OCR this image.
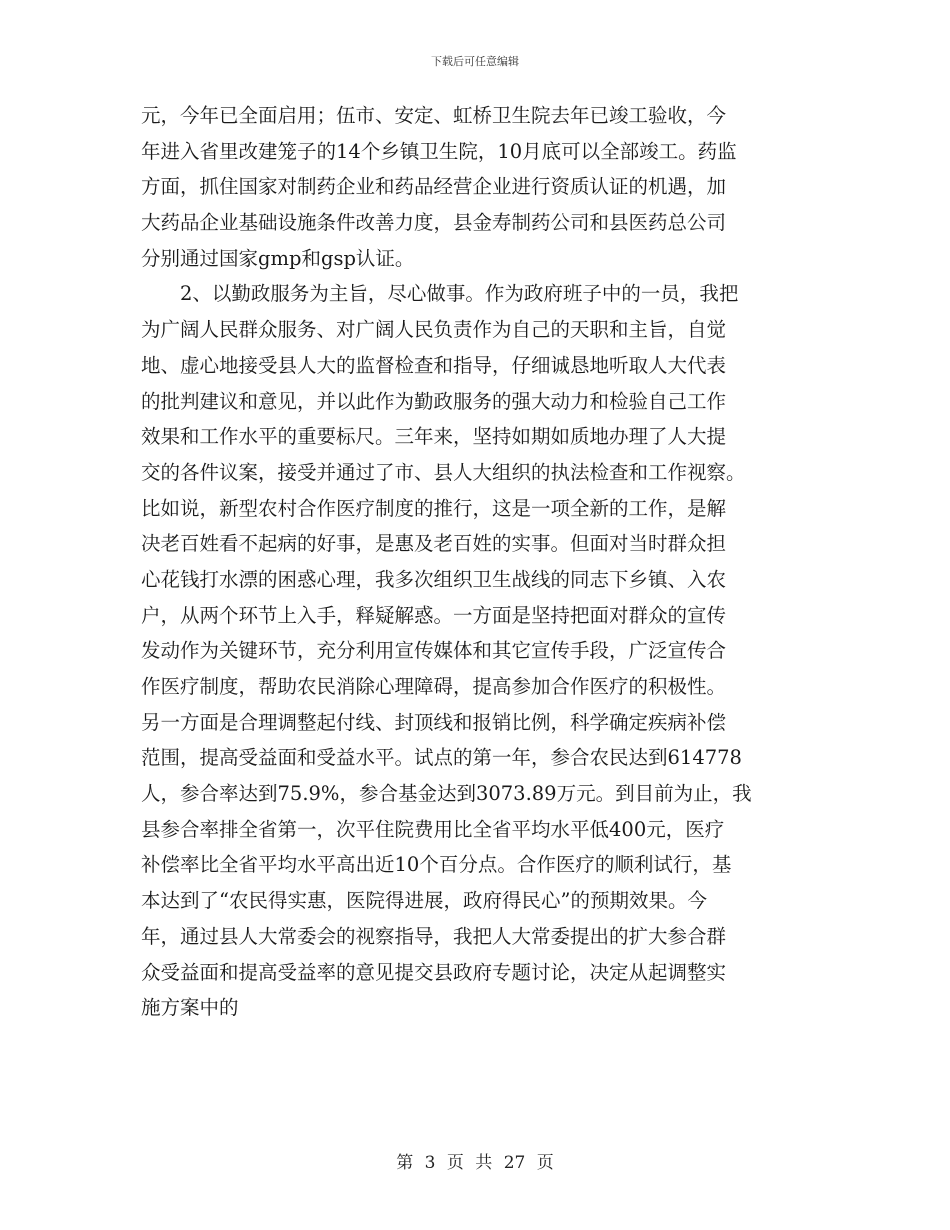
下载后可任意编辑
元，今年已全面启用；伍市、安定、虹桥卫生院去年已竣工验收，今
年进入省里改建笼子的14个乡镇卫生院，10月底可以全部竣工。药监
方面，抓住国家对制药企业和药品经营企业进行资质认证的机遇，加
大药品企业基础设施条件改善力度，县金寿制药公司和县医药总公司
分别通过国家gmp和gsp认证。
　　2、以勤政服务为主旨，尽心做事。作为政府班子中的一员，我把
为广阔人民群众服务、对广阔人民负责作为自己的天职和主旨，自觉
地、虚心地接受县人大的监督检查和指导，仔细诚恳地听取人大代表
的批判建议和意见，并以此作为勤政服务的强大动力和检验自己工作
效果和工作水平的重要标尺。三年来，坚持如期如质地办理了人大提
交的各件议案，接受并通过了市、县人大组织的执法检查和工作视察。
比如说，新型农村合作医疗制度的推行，这是一项全新的工作，是解
决老百姓看不起病的好事，是惠及老百姓的实事。但面对当时群众担
心花钱打水漂的困惑心理，我多次组织卫生战线的同志下乡镇、入农
户，从两个环节上入手，释疑解惑。一方面是坚持把面对群众的宣传
发动作为关键环节，充分利用宣传媒体和其它宣传手段，广泛宣传合
作医疗制度，帮助农民消除心理障碍，提高参加合作医疗的积极性。
另一方面是合理调整起付线、封顶线和报销比例，科学确定疾病补偿
范围，提高受益面和受益水平。试点的第一年，参合农民达到614778
人，参合率达到75.9%，参合基金达到3073.89万元。到目前为止，我
县参合率排全省第一，次平住院费用比全省平均水平低400元，医疗
补偿率比全省平均水平高出近10个百分点。合作医疗的顺利试行，基
本达到了“农民得实惠，医院得进展，政府得民心”的预期效果。今
年，通过县人大常委会的视察指导，我把人大常委提出的扩大参合群
众受益面和提高受益率的意见提交县政府专题讨论，决定从起调整实
施方案中的
第 3 页 共 27 页
